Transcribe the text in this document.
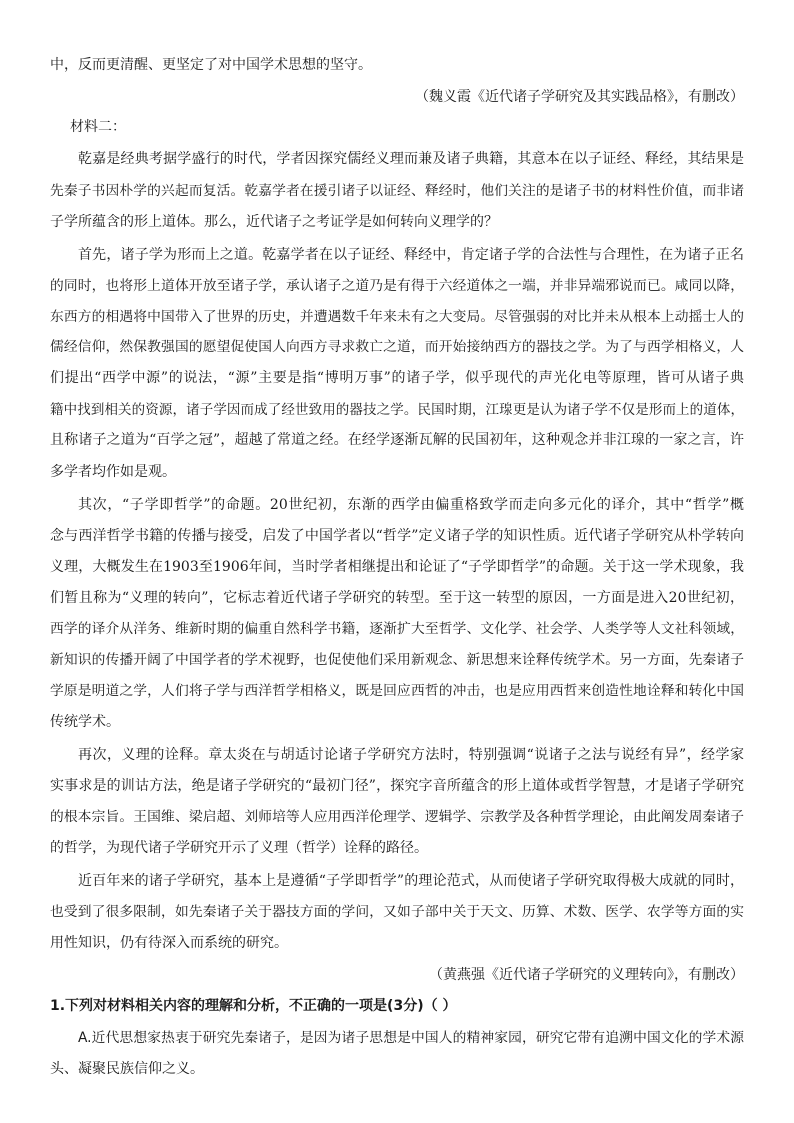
中，反而更清醒、更坚定了对中国学术思想的坚守。
（魏义霞《近代诸子学研究及其实践品格》，有删改）
材料二：
乾嘉是经典考据学盛行的时代，学者因探究儒经义理而兼及诸子典籍，其意本在以子证经、释经，其结果是
先秦子书因朴学的兴起而复活。乾嘉学者在援引诸子以证经、释经时，他们关注的是诸子书的材料性价值，而非诸
子学所蕴含的形上道体。那么，近代诸子之考证学是如何转向义理学的？
首先，诸子学为形而上之道。乾嘉学者在以子证经、释经中，肯定诸子学的合法性与合理性，在为诸子正名
的同时，也将形上道体开放至诸子学，承认诸子之道乃是有得于六经道体之一端，并非异端邪说而已。咸同以降，
东西方的相遇将中国带入了世界的历史，并遭遇数千年来未有之大变局。尽管强弱的对比并未从根本上动摇士人的
儒经信仰，然保教强国的愿望促使国人向西方寻求救亡之道，而开始接纳西方的器技之学。为了与西学相格义，人
们提出“西学中源”的说法，“源”主要是指“博明万事”的诸子学，似乎现代的声光化电等原理，皆可从诸子典
籍中找到相关的资源，诸子学因而成了经世致用的器技之学。民国时期，江瑔更是认为诸子学不仅是形而上的道体，
且称诸子之道为“百学之冠”，超越了常道之经。在经学逐渐瓦解的民国初年，这种观念并非江瑔的一家之言，许
多学者均作如是观。
其次，“子学即哲学”的命题。20世纪初，东渐的西学由偏重格致学而走向多元化的译介，其中“哲学”概
念与西洋哲学书籍的传播与接受，启发了中国学者以“哲学”定义诸子学的知识性质。近代诸子学研究从朴学转向
义理，大概发生在1903至1906年间，当时学者相继提出和论证了“子学即哲学”的命题。关于这一学术现象，我
们暂且称为“义理的转向”，它标志着近代诸子学研究的转型。至于这一转型的原因，一方面是进入20世纪初，
西学的译介从洋务、维新时期的偏重自然科学书籍，逐渐扩大至哲学、文化学、社会学、人类学等人文社科领域，
新知识的传播开阔了中国学者的学术视野，也促使他们采用新观念、新思想来诠释传统学术。另一方面，先秦诸子
学原是明道之学，人们将子学与西洋哲学相格义，既是回应西哲的冲击，也是应用西哲来创造性地诠释和转化中国
传统学术。
再次，义理的诠释。章太炎在与胡适讨论诸子学研究方法时，特别强调“说诸子之法与说经有异”，经学家
实事求是的训诂方法，绝是诸子学研究的“最初门径”，探究字音所蕴含的形上道体或哲学智慧，才是诸子学研究
的根本宗旨。王国维、梁启超、刘师培等人应用西洋伦理学、逻辑学、宗教学及各种哲学理论，由此阐发周秦诸子
的哲学，为现代诸子学研究开示了义理（哲学）诠释的路径。
近百年来的诸子学研究，基本上是遵循“子学即哲学”的理论范式，从而使诸子学研究取得极大成就的同时，
也受到了很多限制，如先秦诸子关于器技方面的学问，又如子部中关于天文、历算、术数、医学、农学等方面的实
用性知识，仍有待深入而系统的研究。
（黄燕强《近代诸子学研究的义理转向》，有删改）
1.下列对材料相关内容的理解和分析，不正确的一项是(3分)（ ）
A.近代思想家热衷于研究先秦诸子，是因为诸子思想是中国人的精神家园，研究它带有追溯中国文化的学术源
头、凝聚民族信仰之义。
